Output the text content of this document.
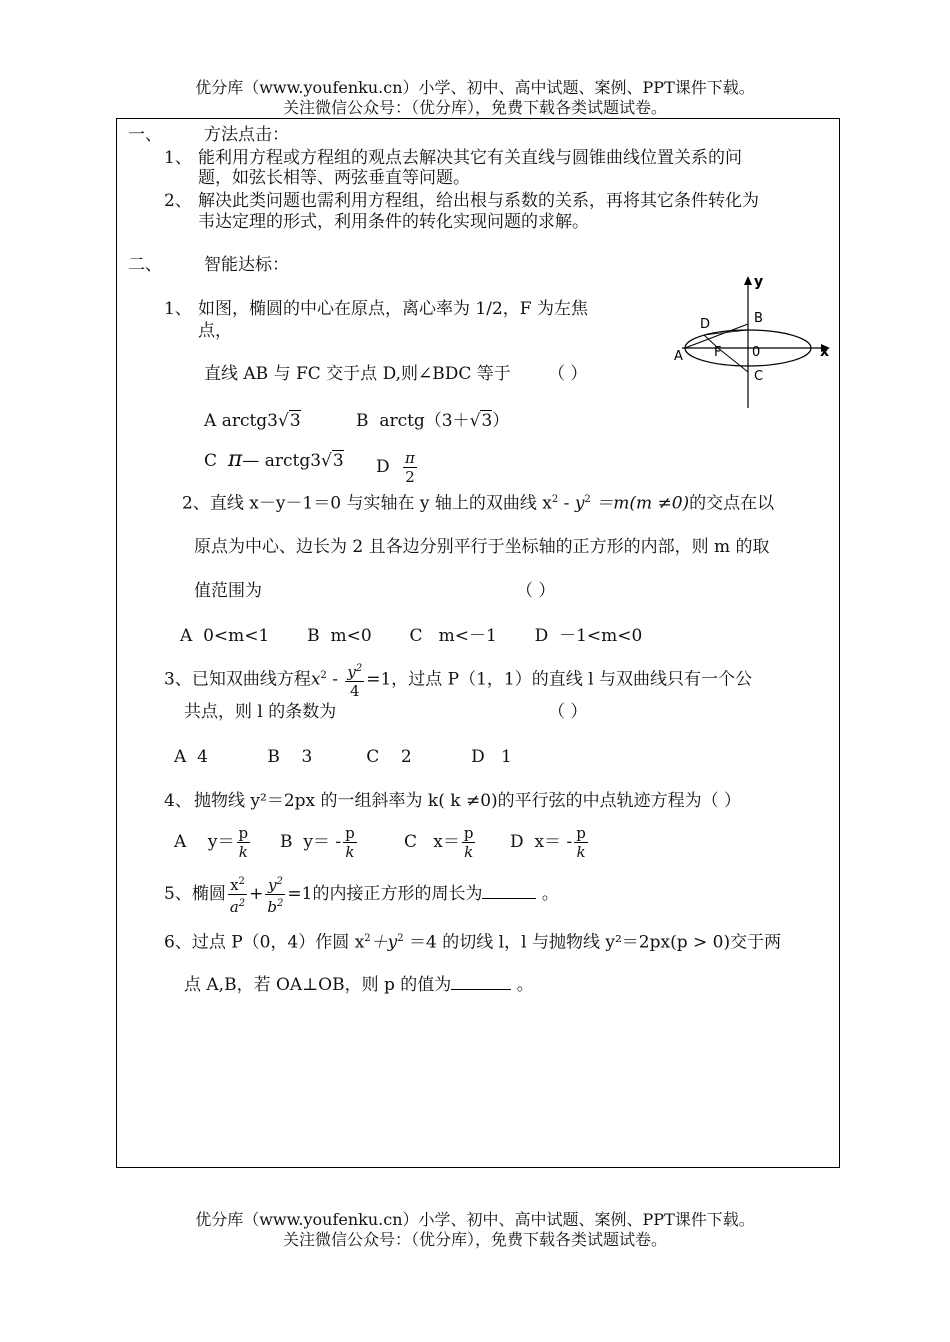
优分库（www.youfenku.cn）小学、初中、高中试题、案例、PPT课件下载。
关注微信公众号：（优分库），免费下载各类试题试卷。
一、 方法点击：
1、 能利用方程或方程组的观点去解决其它有关直线与圆锥曲线位置关系的问
题，如弦长相等、两弦垂直等问题。
2、 解决此类问题也需利用方程组，给出根与系数的关系，再将其它条件转化为
韦达定理的形式，利用条件的转化实现问题的求解。
二、 智能达标：
1、 如图，椭圆的中心在原点，离心率为 1/2，F 为左焦
点，
直线 AB 与 FC 交于点 D,则∠BDC 等于 （ ）
A arctg3√3	B arctg（3＋√3）
C π— arctg3√3 D $\frac{\pi}{2}$
y
x
A
B
C
D
F 0
2、直线 x－y－1＝0 与实轴在 y 轴上的双曲线 $x^2 - y^2 =m(m \ne 0)$的交点在以
原点为中心、边长为 2 且各边分别平行于坐标轴的正方形的内部，则 m 的取
值范围为	（ ）
A  0<m<1       B  m<0       C   m<－1       D  －1<m<0
3、已知双曲线方程$x^2 - \frac{y^2}{4} =1$，过点 P（1，1）的直线 l 与双曲线只有一个公
共点，则 l 的条数为	（ ）
A  4           B    3          C    2           D   1
4、 抛物线 y²＝2px 的一组斜率为 k( k ≠0)的平行弦的中点轨迹方程为（ ）
A $y= \frac{p}{k}$ B $y= - \frac{p}{k}$	C $x= \frac{p}{k}$ D $x= - \frac{p}{k}$
5、椭圆 $\frac{x^2}{a^2} + \frac{y^2}{b^2} =1$的内接正方形的周长为	。
6、过点 P（0，4）作圆 $x^2+y^2 =4$ 的切线 l，l 与抛物线 y²＝2px(p > 0)交于两
点 A,B，若 OA⊥OB，则 p 的值为	。
优分库（www.youfenku.cn）小学、初中、高中试题、案例、PPT课件下载。
关注微信公众号：（优分库），免费下载各类试题试卷。
